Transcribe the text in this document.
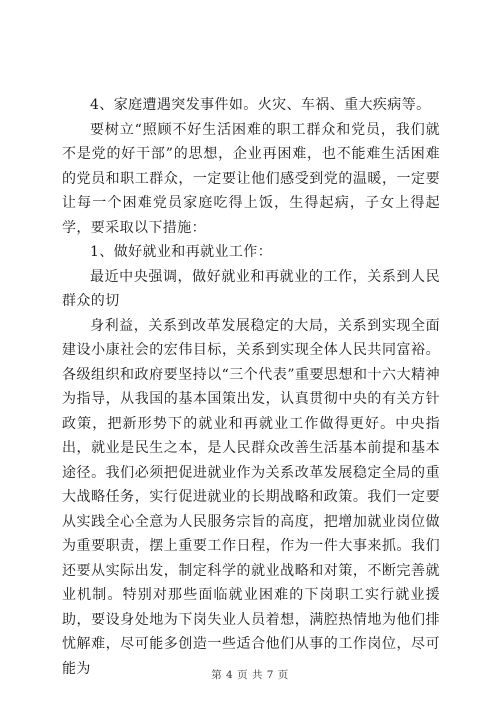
4、家庭遭遇突发事件如。火灾、车祸、重大疾病等。

要树立“照顾不好生活困难的职工群众和党员，我们就不是党的好干部”的思想，企业再困难，也不能难生活困难的党员和职工群众，一定要让他们感受到党的温暖，一定要让每一个困难党员家庭吃得上饭，生得起病，子女上得起学，要采取以下措施：

1、做好就业和再就业工作：

最近中央强调，做好就业和再就业的工作，关系到人民群众的切

身利益，关系到改革发展稳定的大局，关系到实现全面建设小康社会的宏伟目标，关系到实现全体人民共同富裕。各级组织和政府要坚持以“三个代表”重要思想和十六大精神为指导，从我国的基本国策出发，认真贯彻中央的有关方针政策，把新形势下的就业和再就业工作做得更好。中央指出，就业是民生之本，是人民群众改善生活基本前提和基本途径。我们必须把促进就业作为关系改革发展稳定全局的重大战略任务，实行促进就业的长期战略和政策。我们一定要从实践全心全意为人民服务宗旨的高度，把增加就业岗位做为重要职责，摆上重要工作日程，作为一件大事来抓。我们还要从实际出发，制定科学的就业战略和对策，不断完善就业机制。特别对那些面临就业困难的下岗职工实行就业援助，要设身处地为下岗失业人员着想，满腔热情地为他们排忧解难，尽可能多创造一些适合他们从事的工作岗位，尽可能为	第 4 页 共 7 页
